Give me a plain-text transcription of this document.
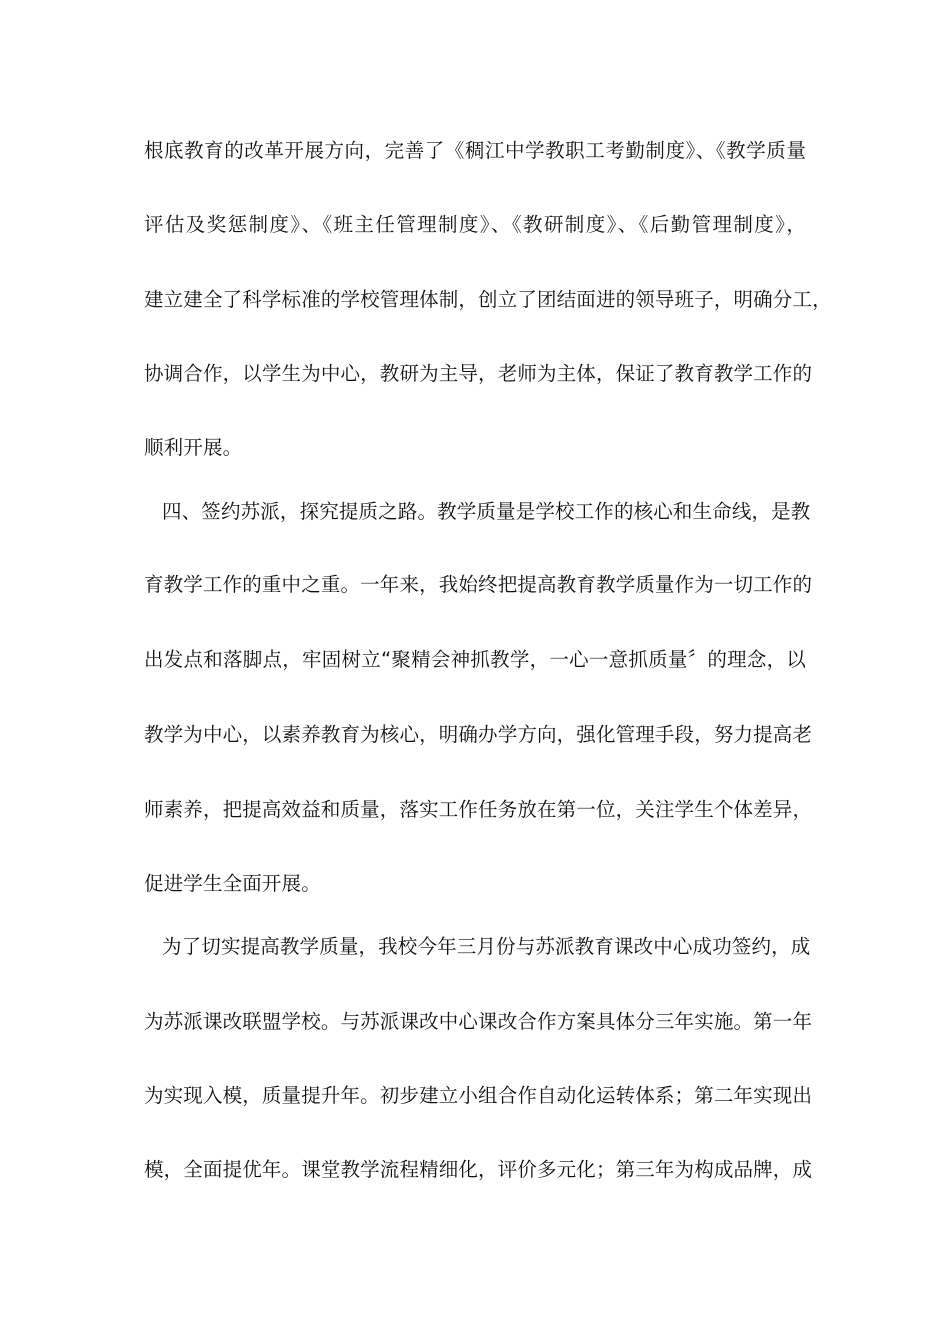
根底教育的改革开展方向，完善了《稠江中学教职工考勤制度》、《教学质量
评估及奖惩制度》、《班主任管理制度》、《教研制度》、《后勤管理制度》，
建立建全了科学标准的学校管理体制，创立了团结面进的领导班子，明确分工，
协调合作，以学生为中心，教研为主导，老师为主体，保证了教育教学工作的
顺利开展。
四、签约苏派，探究提质之路。教学质量是学校工作的核心和生命线，是教
育教学工作的重中之重。一年来，我始终把提高教育教学质量作为一切工作的
出发点和落脚点，牢固树立“聚精会神抓教学，一心一意抓质量〞的理念，以
教学为中心，以素养教育为核心，明确办学方向，强化管理手段，努力提高老
师素养，把提高效益和质量，落实工作任务放在第一位，关注学生个体差异，
促进学生全面开展。
为了切实提高教学质量，我校今年三月份与苏派教育课改中心成功签约，成
为苏派课改联盟学校。与苏派课改中心课改合作方案具体分三年实施。第一年
为实现入模，质量提升年。初步建立小组合作自动化运转体系；第二年实现出
模，全面提优年。课堂教学流程精细化，评价多元化；第三年为构成品牌，成
